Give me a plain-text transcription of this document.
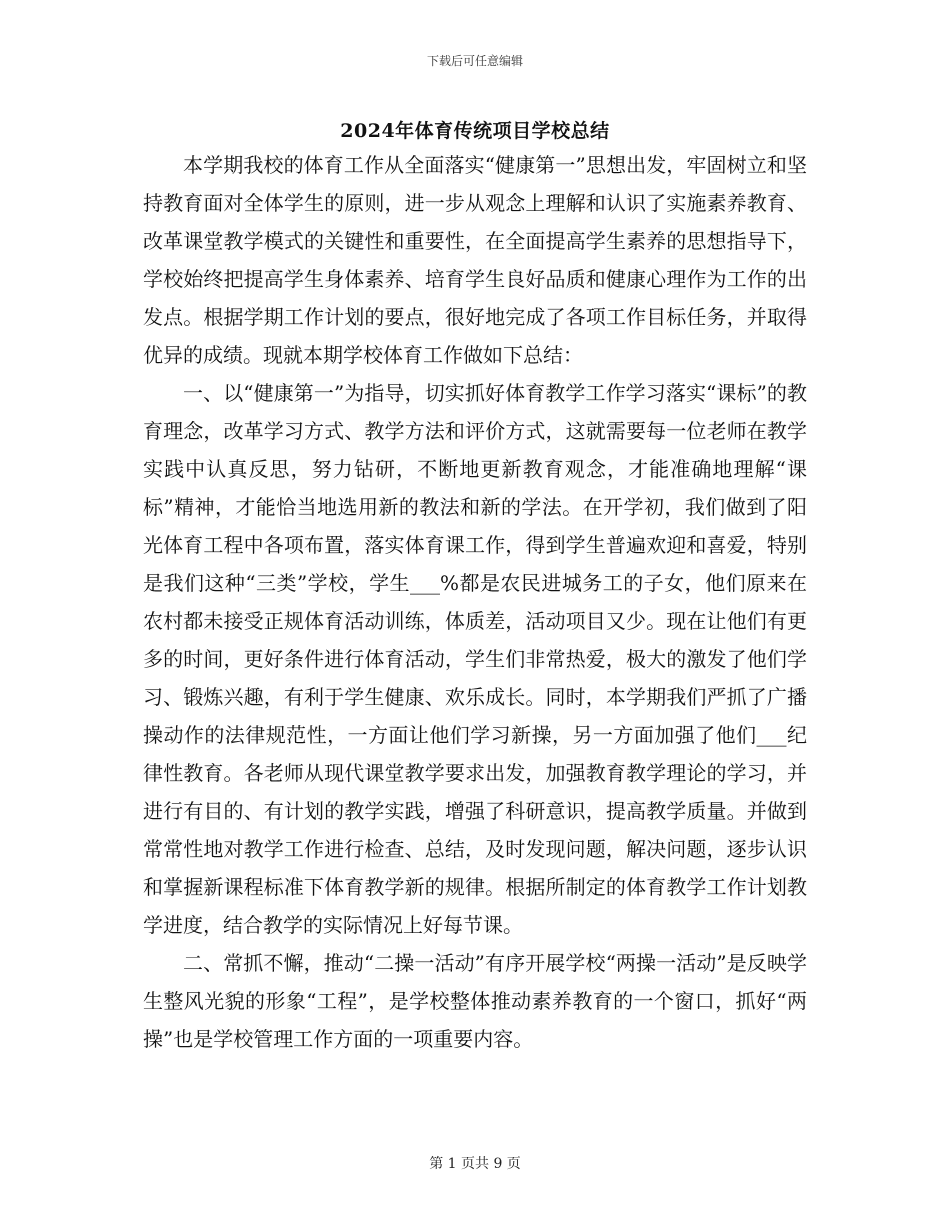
下载后可任意编辑
2024年体育传统项目学校总结

本学期我校的体育工作从全面落实“健康第一”思想出发，牢固树立和坚持教育面对全体学生的原则，进一步从观念上理解和认识了实施素养教育、改革课堂教学模式的关键性和重要性，在全面提高学生素养的思想指导下，学校始终把提高学生身体素养、培育学生良好品质和健康心理作为工作的出发点。根据学期工作计划的要点，很好地完成了各项工作目标任务，并取得优异的成绩。现就本期学校体育工作做如下总结：

一、以“健康第一”为指导，切实抓好体育教学工作学习落实“课标”的教育理念，改革学习方式、教学方法和评价方式，这就需要每一位老师在教学实践中认真反思，努力钻研，不断地更新教育观念，才能准确地理解“课标”精神，才能恰当地选用新的教法和新的学法。在开学初，我们做到了阳光体育工程中各项布置，落实体育课工作，得到学生普遍欢迎和喜爱，特别是我们这种“三类”学校，学生___%都是农民进城务工的子女，他们原来在农村都未接受正规体育活动训练，体质差，活动项目又少。现在让他们有更多的时间，更好条件进行体育活动，学生们非常热爱，极大的激发了他们学习、锻炼兴趣，有利于学生健康、欢乐成长。同时，本学期我们严抓了广播操动作的法律规范性，一方面让他们学习新操，另一方面加强了他们___纪律性教育。各老师从现代课堂教学要求出发，加强教育教学理论的学习，并进行有目的、有计划的教学实践，增强了科研意识，提高教学质量。并做到常常性地对教学工作进行检查、总结，及时发现问题，解决问题，逐步认识和掌握新课程标准下体育教学新的规律。根据所制定的体育教学工作计划教学进度，结合教学的实际情况上好每节课。

二、常抓不懈，推动“二操一活动”有序开展学校“两操一活动”是反映学生整风光貌的形象“工程”，是学校整体推动素养教育的一个窗口，抓好“两操”也是学校管理工作方面的一项重要内容。

第 1 页共 9 页
